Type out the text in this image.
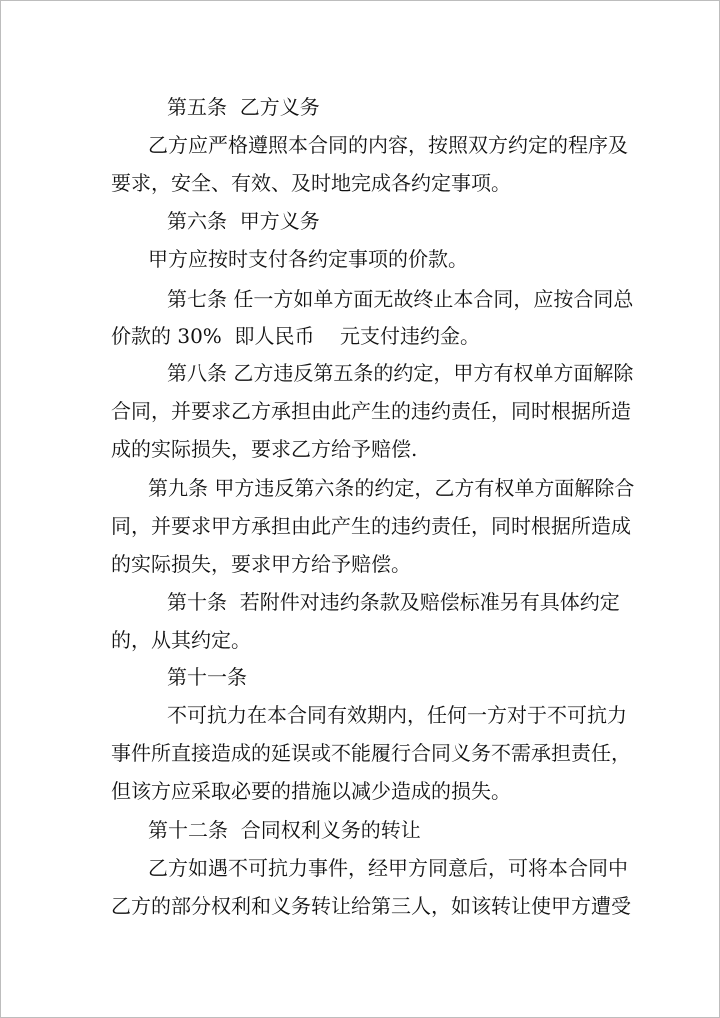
第五条  乙方义务
乙方应严格遵照本合同的内容，按照双方约定的程序及
要求，安全、有效、及时地完成各约定事项。
第六条  甲方义务
甲方应按时支付各约定事项的价款。
第七条 任一方如单方面无故终止本合同，应按合同总
价款的 30%  即人民币    元支付违约金。
第八条 乙方违反第五条的约定，甲方有权单方面解除
合同，并要求乙方承担由此产生的违约责任，同时根据所造
成的实际损失，要求乙方给予赔偿.
第九条 甲方违反第六条的约定，乙方有权单方面解除合
同，并要求甲方承担由此产生的违约责任，同时根据所造成
的实际损失，要求甲方给予赔偿。
第十条  若附件对违约条款及赔偿标准另有具体约定
的，从其约定。
第十一条
不可抗力在本合同有效期内，任何一方对于不可抗力
事件所直接造成的延误或不能履行合同义务不需承担责任，
但该方应采取必要的措施以减少造成的损失。
第十二条  合同权利义务的转让
乙方如遇不可抗力事件，经甲方同意后，可将本合同中
乙方的部分权利和义务转让给第三人，如该转让使甲方遭受
